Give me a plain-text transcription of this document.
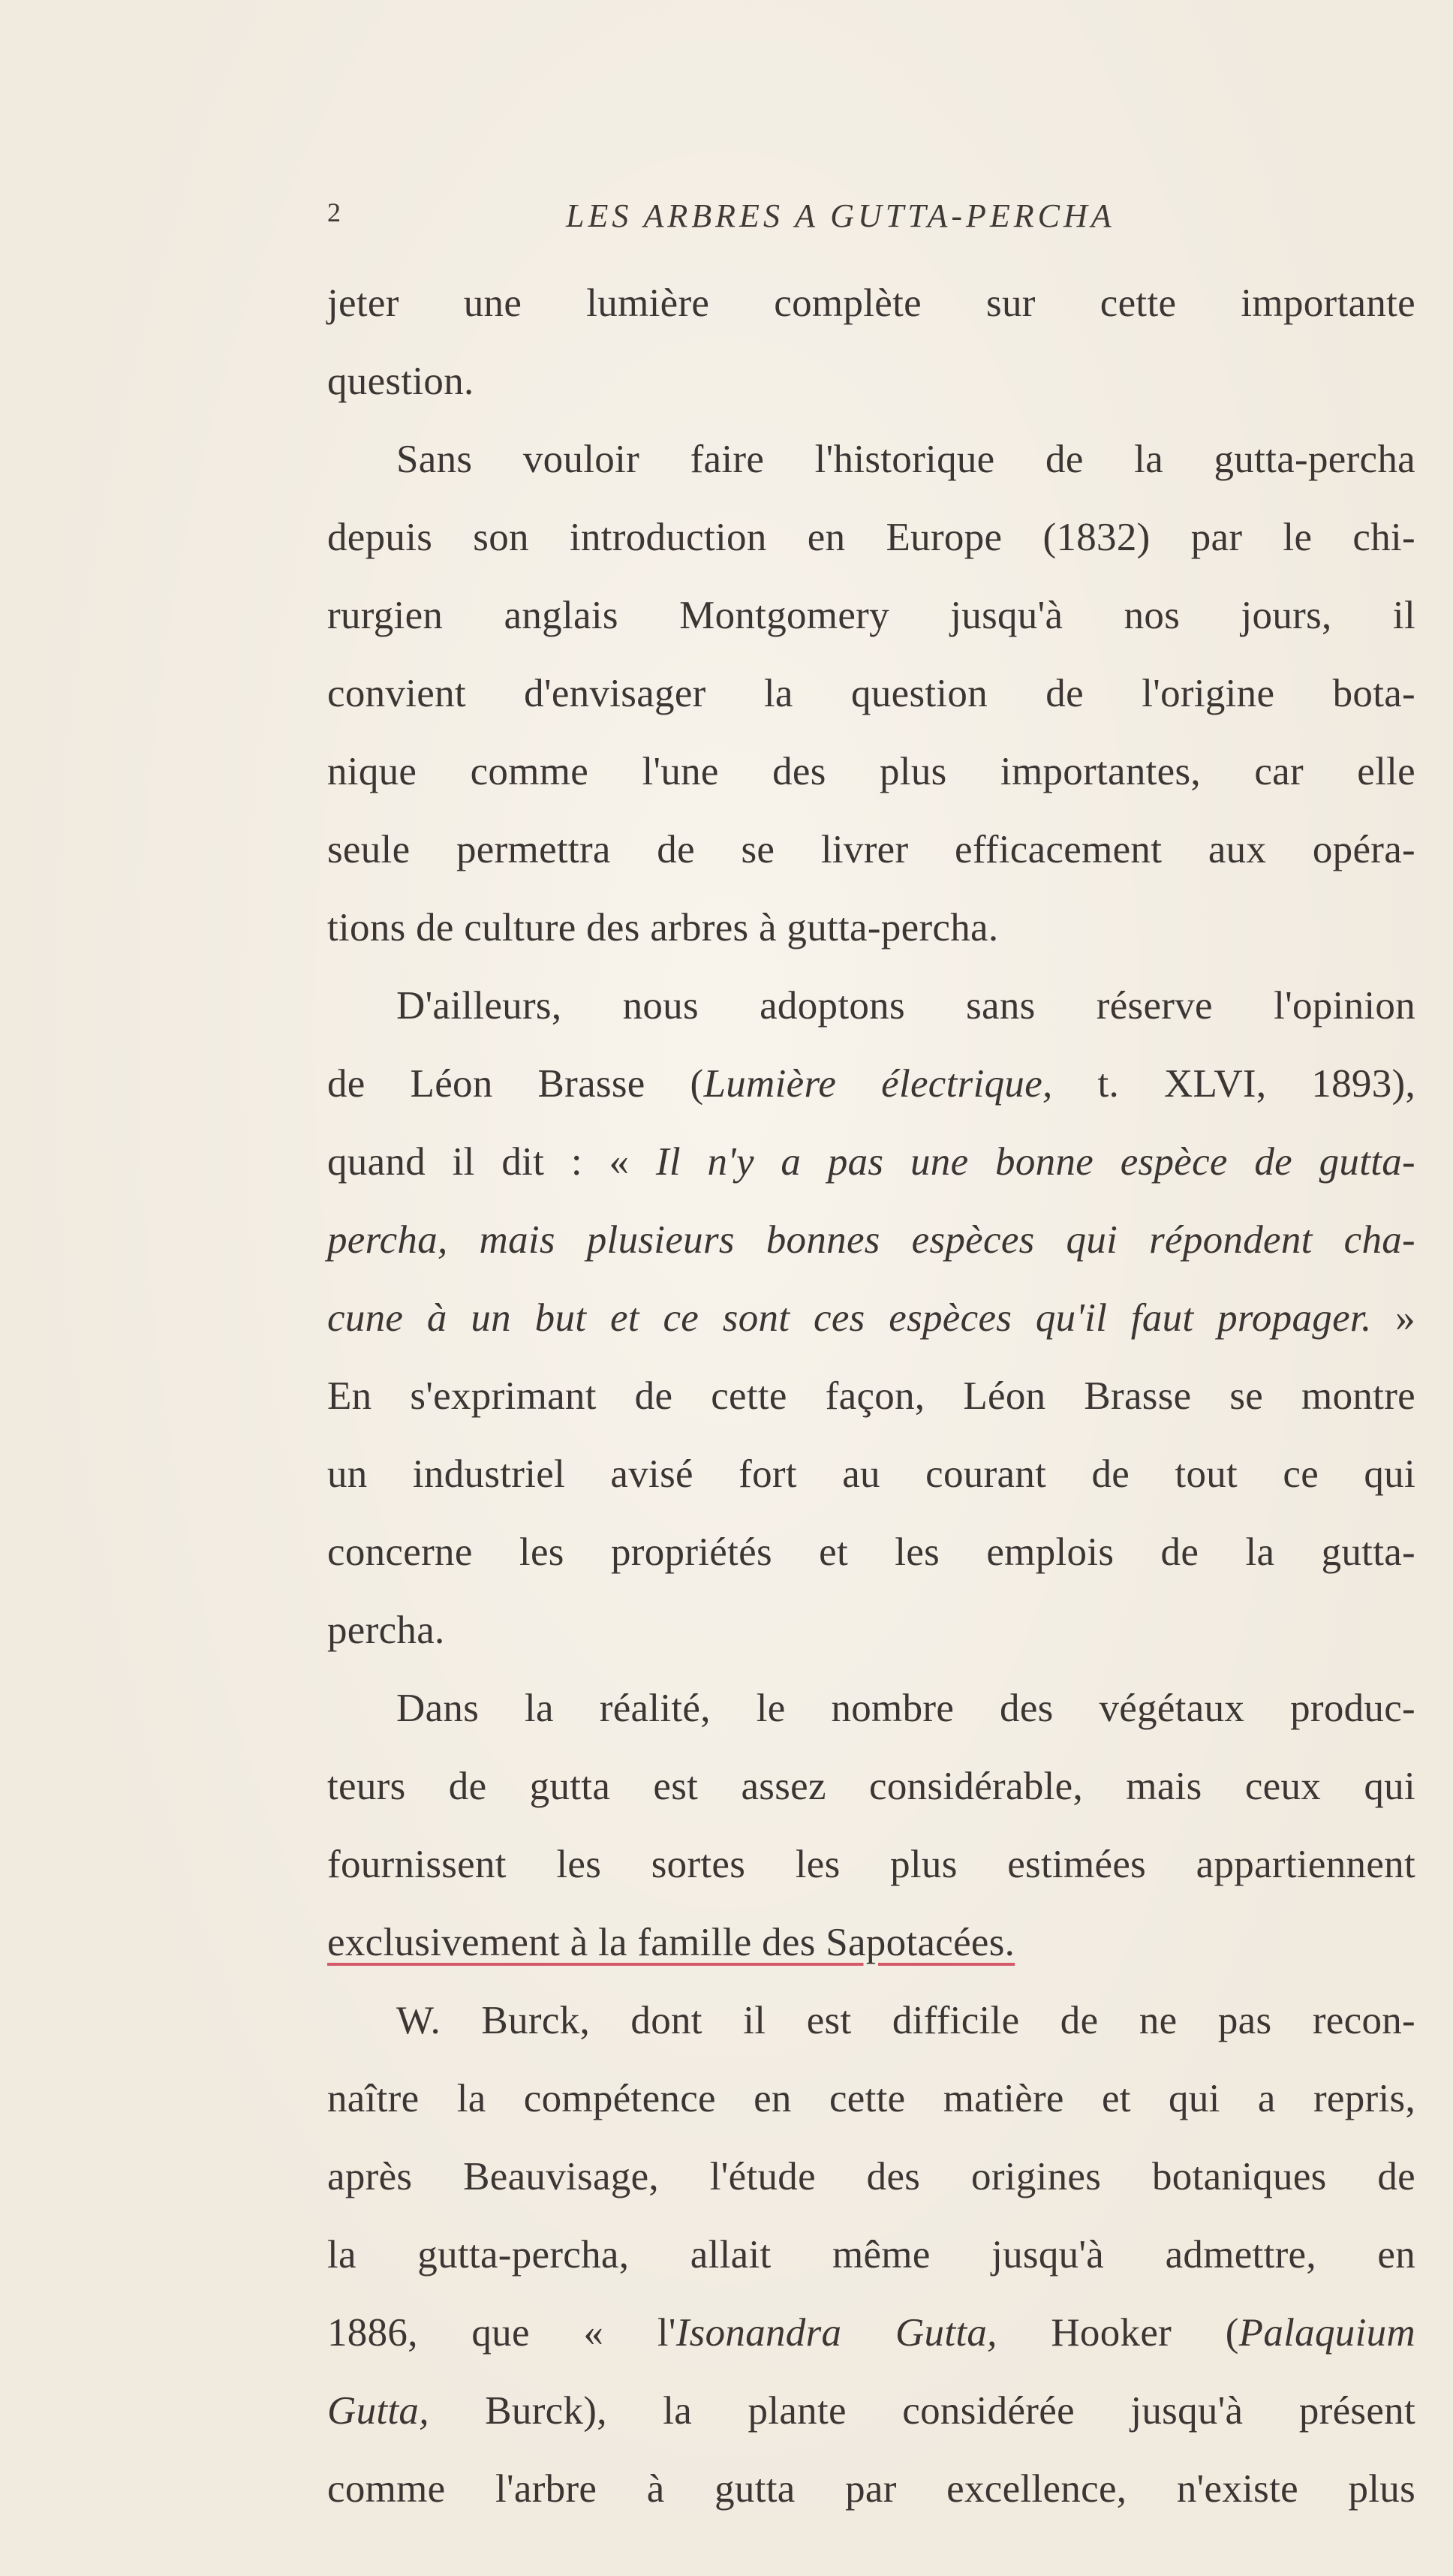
2	LES ARBRES A GUTTA-PERCHA
jeter une lumière complète sur cette importante
question.
Sans vouloir faire l'historique de la gutta-percha
depuis son introduction en Europe (1832) par le chi-
rurgien anglais Montgomery jusqu'à nos jours, il
convient d'envisager la question de l'origine bota-
nique comme l'une des plus importantes, car elle
seule permettra de se livrer efficacement aux opéra-
tions de culture des arbres à gutta-percha.
D'ailleurs, nous adoptons sans réserve l'opinion
de Léon Brasse (Lumière électrique, t. XLVI, 1893),
quand il dit : « Il n'y a pas une bonne espèce de gutta-
percha, mais plusieurs bonnes espèces qui répondent cha-
cune à un but et ce sont ces espèces qu'il faut propager. »
En s'exprimant de cette façon, Léon Brasse se montre
un industriel avisé fort au courant de tout ce qui
concerne les propriétés et les emplois de la gutta-
percha.
Dans la réalité, le nombre des végétaux produc-
teurs de gutta est assez considérable, mais ceux qui
fournissent les sortes les plus estimées appartiennent
exclusivement à la famille des Sapotacées.
W. Burck, dont il est difficile de ne pas recon-
naître la compétence en cette matière et qui a repris,
après Beauvisage, l'étude des origines botaniques de
la gutta-percha, allait même jusqu'à admettre, en
1886, que « l'Isonandra Gutta, Hooker (Palaquium
Gutta, Burck), la plante considérée jusqu'à présent
comme l'arbre à gutta par excellence, n'existe plus
